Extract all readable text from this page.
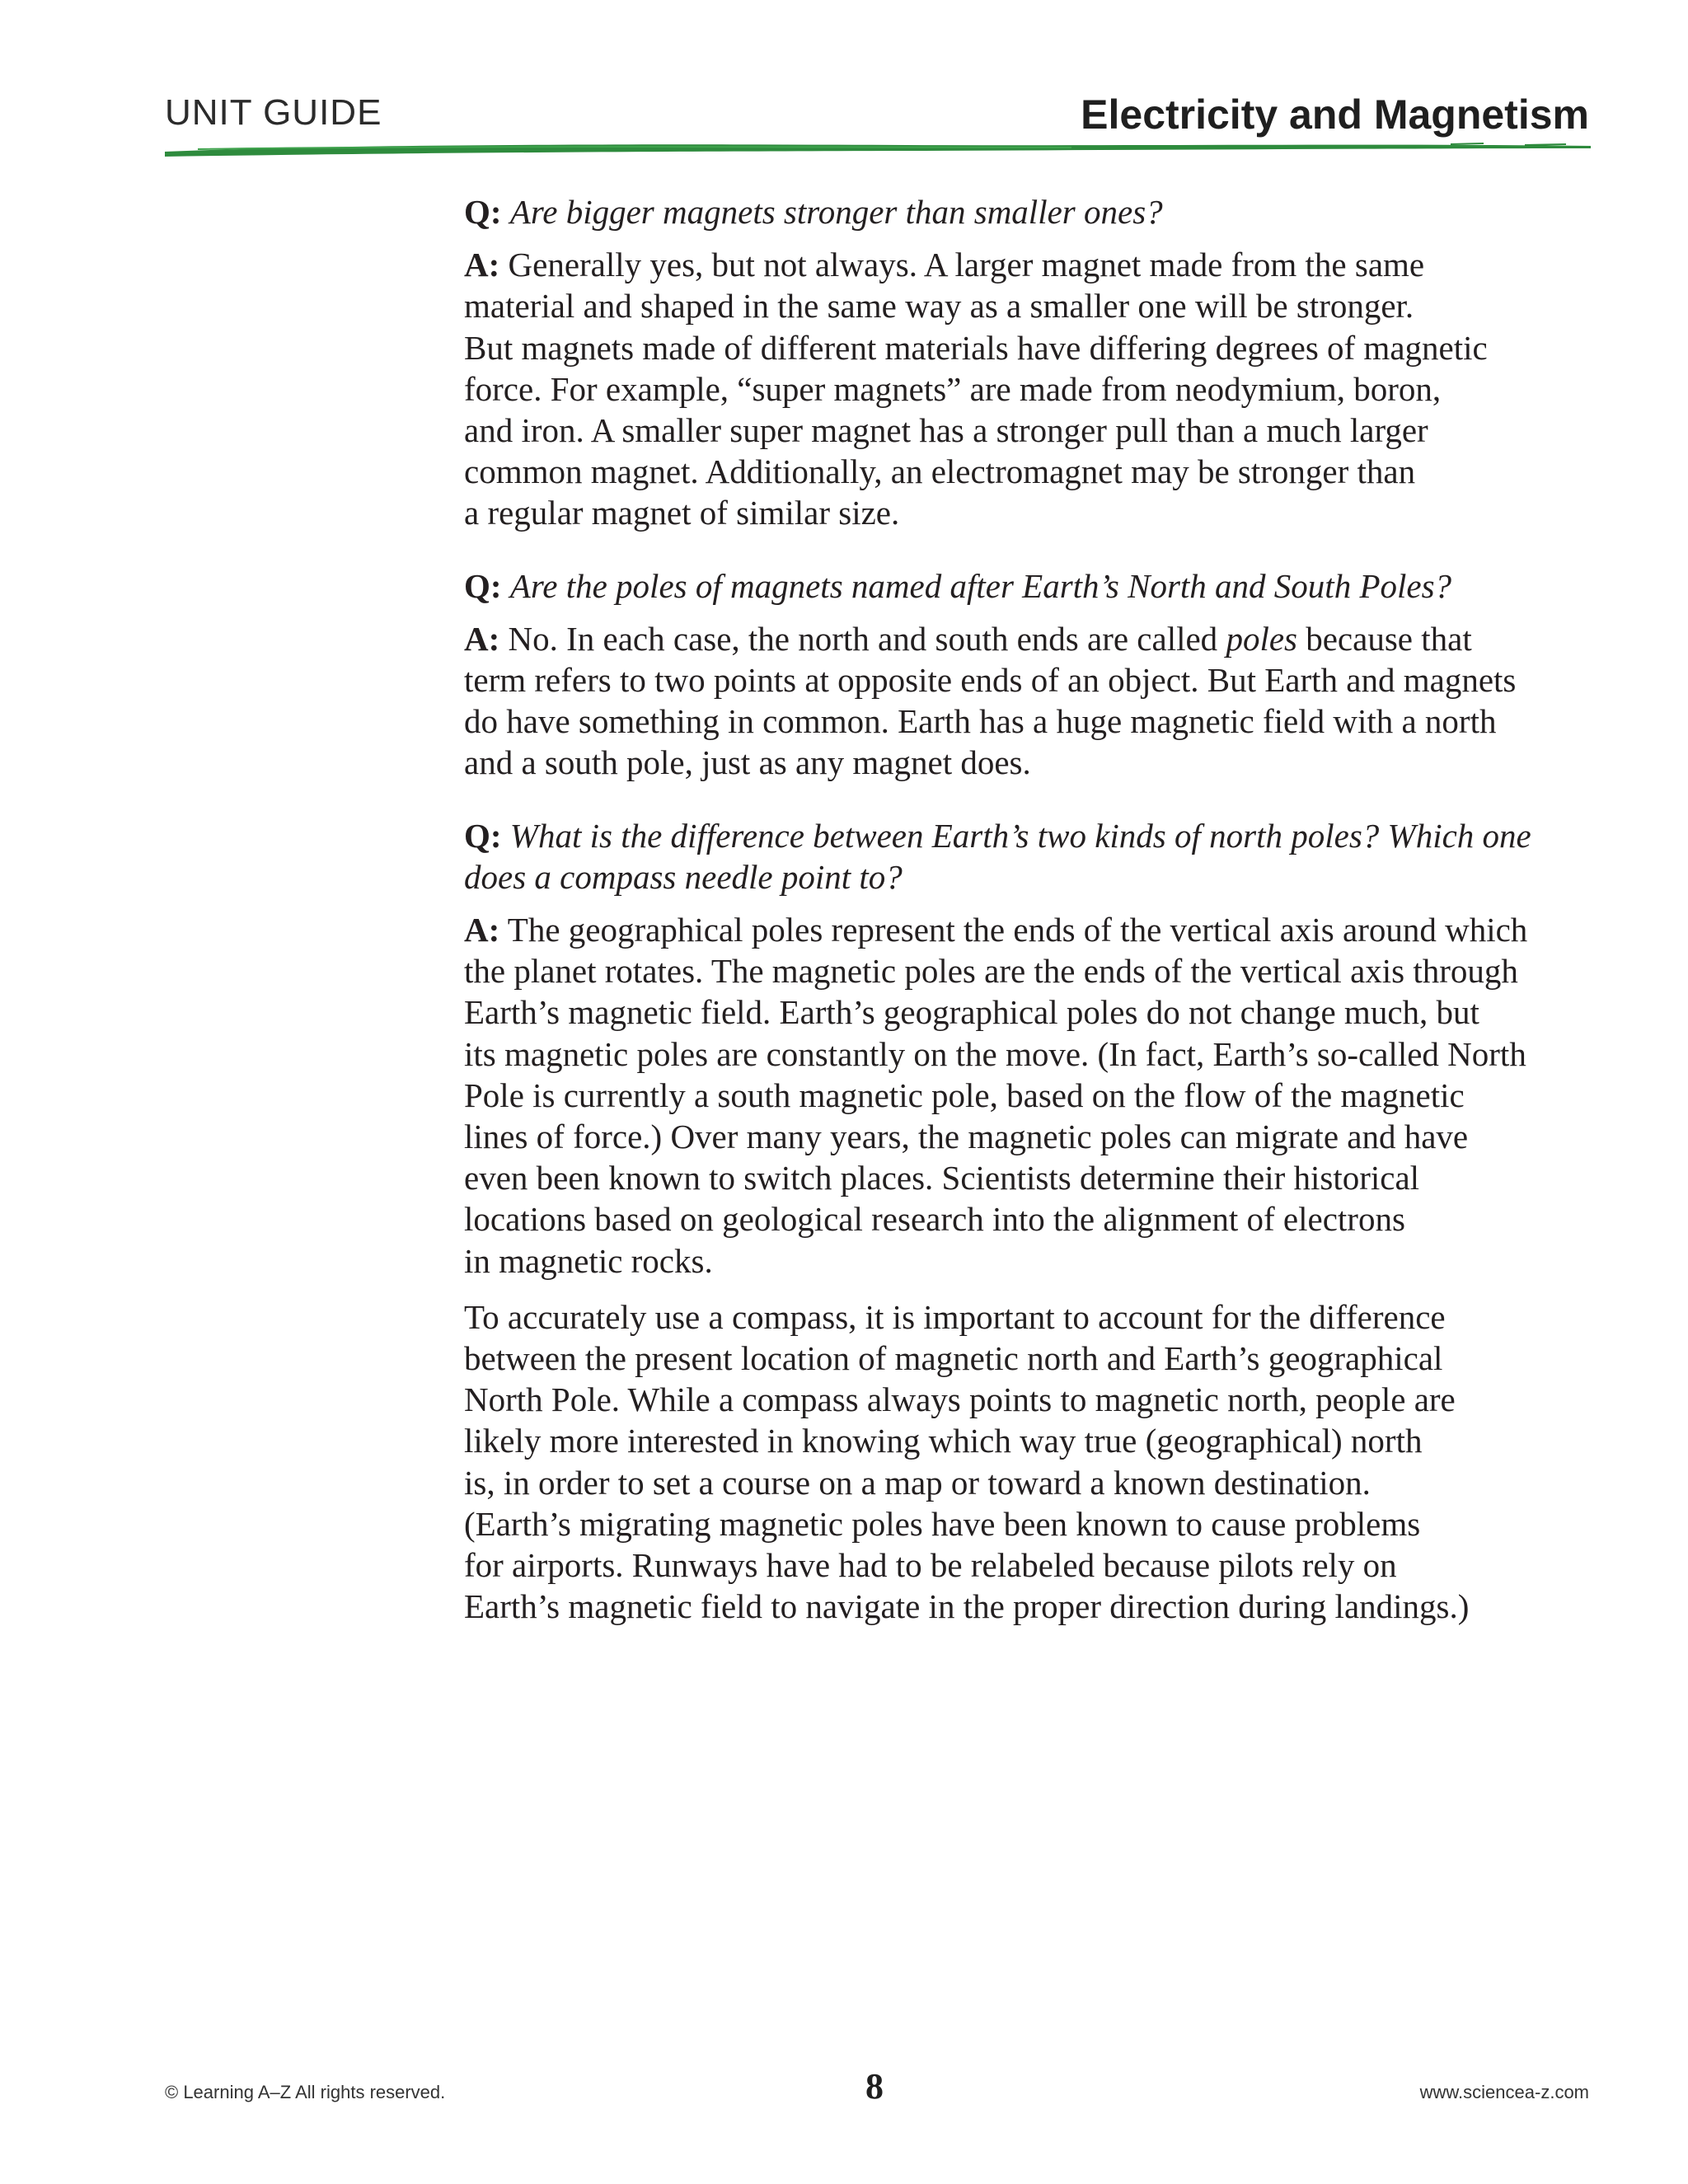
UNIT GUIDE	Electricity and Magnetism
Q: Are bigger magnets stronger than smaller ones?
A: Generally yes, but not always. A larger magnet made from the same
material and shaped in the same way as a smaller one will be stronger.
But magnets made of different materials have differing degrees of magnetic
force. For example, “super magnets” are made from neodymium, boron,
and iron. A smaller super magnet has a stronger pull than a much larger
common magnet. Additionally, an electromagnet may be stronger than
a regular magnet of similar size.
Q: Are the poles of magnets named after Earth’s North and South Poles?
A: No. In each case, the north and south ends are called poles because that
term refers to two points at opposite ends of an object. But Earth and magnets
do have something in common. Earth has a huge magnetic field with a north
and a south pole, just as any magnet does.
Q: What is the difference between Earth’s two kinds of north poles? Which one
does a compass needle point to?
A: The geographical poles represent the ends of the vertical axis around which
the planet rotates. The magnetic poles are the ends of the vertical axis through
Earth’s magnetic field. Earth’s geographical poles do not change much, but
its magnetic poles are constantly on the move. (In fact, Earth’s so-called North
Pole is currently a south magnetic pole, based on the flow of the magnetic
lines of force.) Over many years, the magnetic poles can migrate and have
even been known to switch places. Scientists determine their historical
locations based on geological research into the alignment of electrons
in magnetic rocks.
To accurately use a compass, it is important to account for the difference
between the present location of magnetic north and Earth’s geographical
North Pole. While a compass always points to magnetic north, people are
likely more interested in knowing which way true (geographical) north
is, in order to set a course on a map or toward a known destination.
(Earth’s migrating magnetic poles have been known to cause problems
for airports. Runways have had to be relabeled because pilots rely on
Earth’s magnetic field to navigate in the proper direction during landings.)
© Learning A–Z All rights reserved.	8	www.sciencea-z.com
